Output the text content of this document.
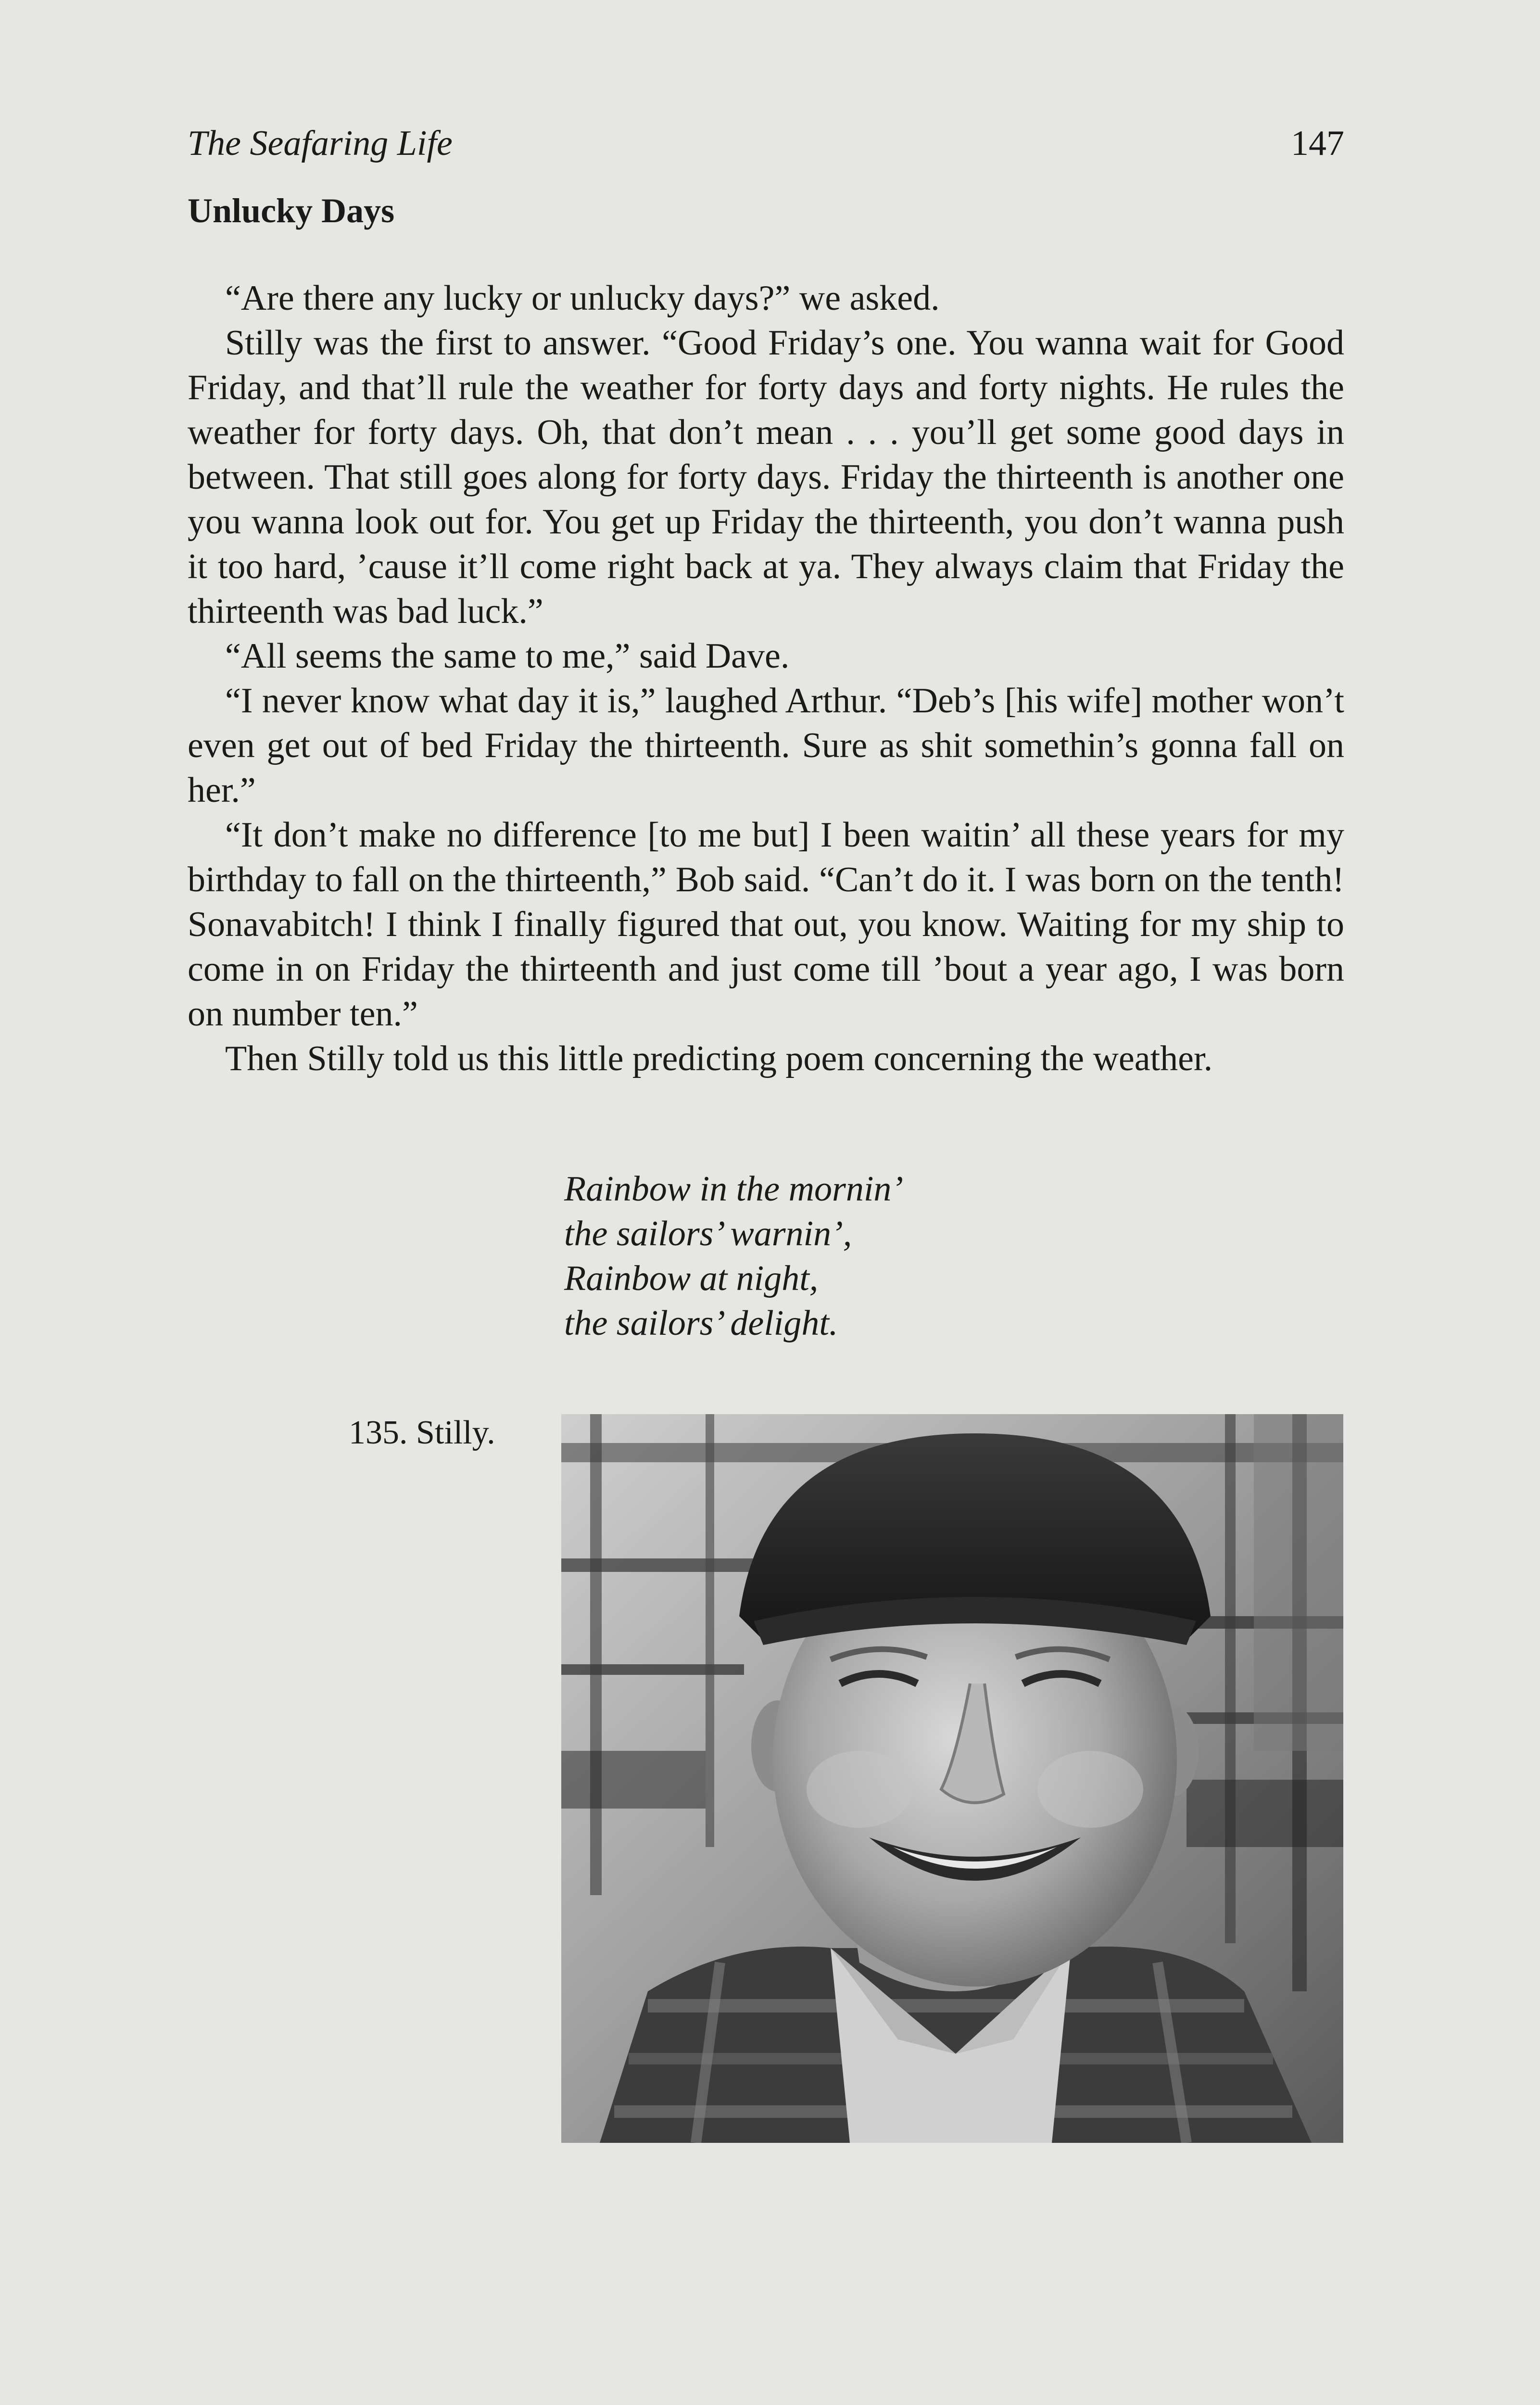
The Seafaring Life	147
Unlucky Days

“Are there any lucky or unlucky days?” we asked.

Stilly was the first to answer. “Good Friday’s one. You wanna wait for Good Friday, and that’ll rule the weather for forty days and forty nights. He rules the weather for forty days. Oh, that don’t mean . . . you’ll get some good days in between. That still goes along for forty days. Friday the thirteenth is another one you wanna look out for. You get up Friday the thirteenth, you don’t wanna push it too hard, ’cause it’ll come right back at ya. They always claim that Friday the thirteenth was bad luck.”

“All seems the same to me,” said Dave.

“I never know what day it is,” laughed Arthur. “Deb’s [his wife] mother won’t even get out of bed Friday the thirteenth. Sure as shit somethin’s gonna fall on her.”

“It don’t make no difference [to me but] I been waitin’ all these years for my birthday to fall on the thirteenth,” Bob said. “Can’t do it. I was born on the tenth! Sonavabitch! I think I finally figured that out, you know. Waiting for my ship to come in on Friday the thirteenth and just come till ’bout a year ago, I was born on number ten.”

Then Stilly told us this little predicting poem concerning the weather.

Rainbow in the mornin’
the sailors’ warnin’,
Rainbow at night,
the sailors’ delight.
135. Stilly.
